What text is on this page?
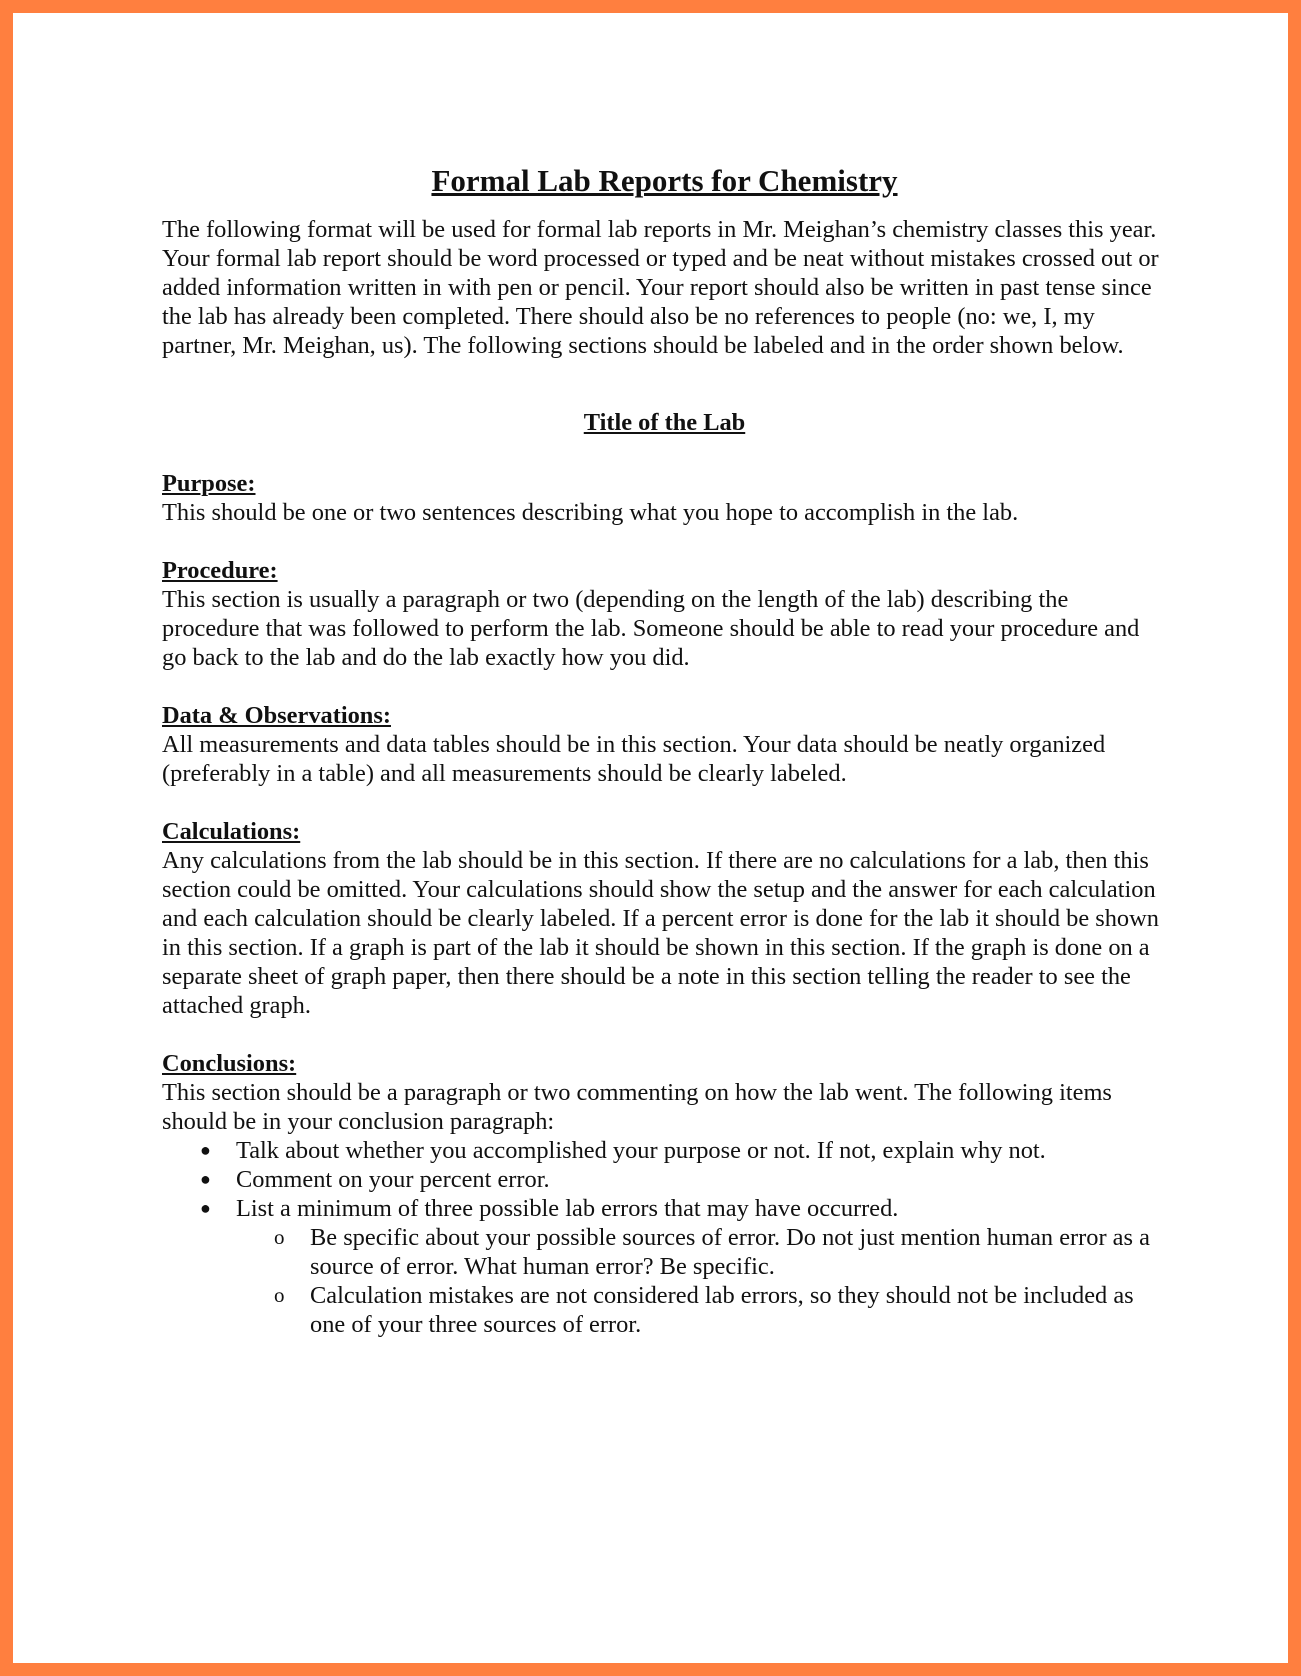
Formal Lab Reports for Chemistry

The following format will be used for formal lab reports in Mr. Meighan’s chemistry classes this year. Your formal lab report should be word processed or typed and be neat without mistakes crossed out or added information written in with pen or pencil. Your report should also be written in past tense since the lab has already been completed. There should also be no references to people (no: we, I, my partner, Mr. Meighan, us). The following sections should be labeled and in the order shown below.

Title of the Lab
Purpose:

This should be one or two sentences describing what you hope to accomplish in the lab.

Procedure:

This section is usually a paragraph or two (depending on the length of the lab) describing the procedure that was followed to perform the lab. Someone should be able to read your procedure and go back to the lab and do the lab exactly how you did.

Data & Observations:

All measurements and data tables should be in this section. Your data should be neatly organized (preferably in a table) and all measurements should be clearly labeled.

Calculations:

Any calculations from the lab should be in this section. If there are no calculations for a lab, then this section could be omitted. Your calculations should show the setup and the answer for each calculation and each calculation should be clearly labeled. If a percent error is done for the lab it should be shown in this section. If a graph is part of the lab it should be shown in this section. If the graph is done on a separate sheet of graph paper, then there should be a note in this section telling the reader to see the attached graph.

Conclusions:

This section should be a paragraph or two commenting on how the lab went. The following items should be in your conclusion paragraph:

● Talk about whether you accomplished your purpose or not. If not, explain why not.
● Comment on your percent error.
● List a minimum of three possible lab errors that may have occurred.
o Be specific about your possible sources of error. Do not just mention human error as a source of error. What human error? Be specific.
o Calculation mistakes are not considered lab errors, so they should not be included as one of your three sources of error.
